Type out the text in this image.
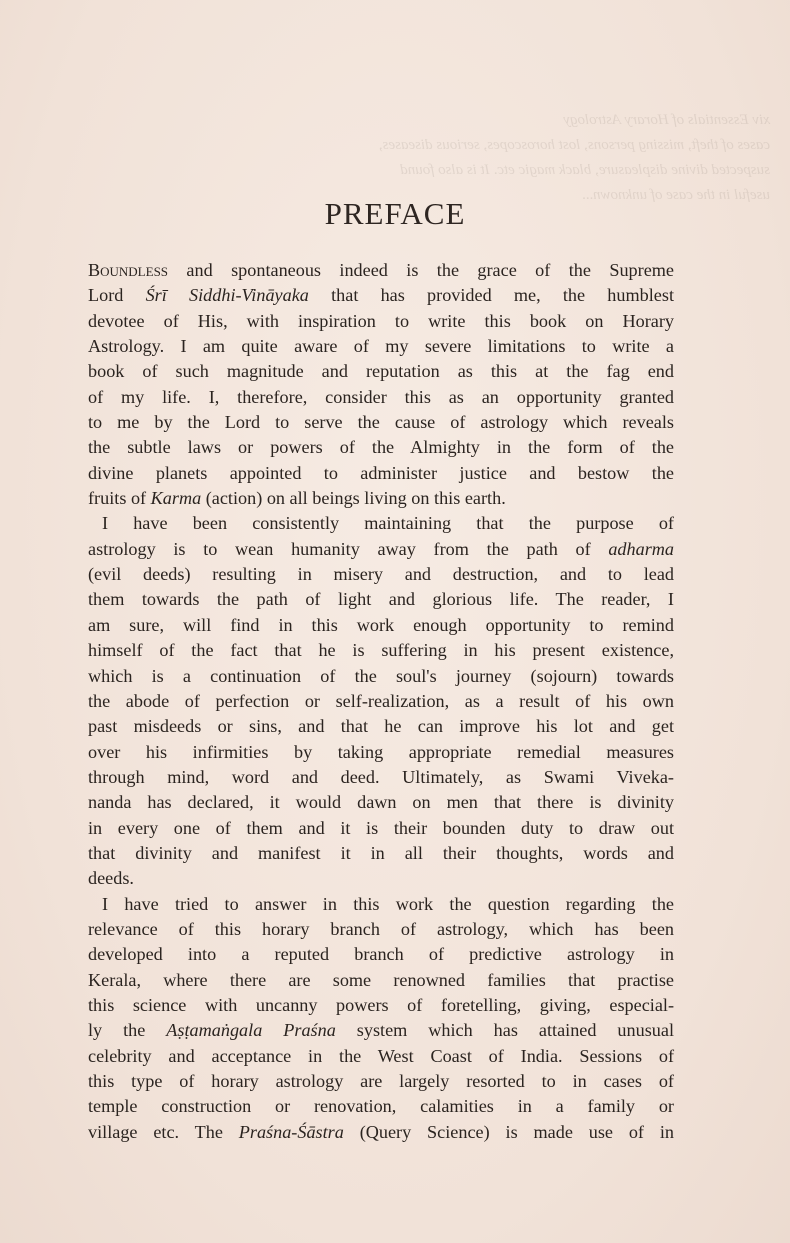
xiv Essentials of Horary Astrology
cases of theft, missing persons, lost horoscopes, serious diseases,
suspected divine displeasure, black magic etc. It is also found
useful in the case of unknown...
PREFACE
Boundless and spontaneous indeed is the grace of the Supreme
Lord Śrī Siddhi-Vināyaka that has provided me, the humblest
devotee of His, with inspiration to write this book on Horary
Astrology. I am quite aware of my severe limitations to write a
book of such magnitude and reputation as this at the fag end
of my life. I, therefore, consider this as an opportunity granted
to me by the Lord to serve the cause of astrology which reveals
the subtle laws or powers of the Almighty in the form of the
divine planets appointed to administer justice and bestow the
fruits of Karma (action) on all beings living on this earth.
I have been consistently maintaining that the purpose of
astrology is to wean humanity away from the path of adharma
(evil deeds) resulting in misery and destruction, and to lead
them towards the path of light and glorious life. The reader, I
am sure, will find in this work enough opportunity to remind
himself of the fact that he is suffering in his present existence,
which is a continuation of the soul's journey (sojourn) towards
the abode of perfection or self-realization, as a result of his own
past misdeeds or sins, and that he can improve his lot and get
over his infirmities by taking appropriate remedial measures
through mind, word and deed. Ultimately, as Swami Viveka-
nanda has declared, it would dawn on men that there is divinity
in every one of them and it is their bounden duty to draw out
that divinity and manifest it in all their thoughts, words and
deeds.
I have tried to answer in this work the question regarding the
relevance of this horary branch of astrology, which has been
developed into a reputed branch of predictive astrology in
Kerala, where there are some renowned families that practise
this science with uncanny powers of foretelling, giving, especial-
ly the Aṣṭamaṅgala Praśna system which has attained unusual
celebrity and acceptance in the West Coast of India. Sessions of
this type of horary astrology are largely resorted to in cases of
temple construction or renovation, calamities in a family or
village etc. The Praśna-Śāstra (Query Science) is made use of in
